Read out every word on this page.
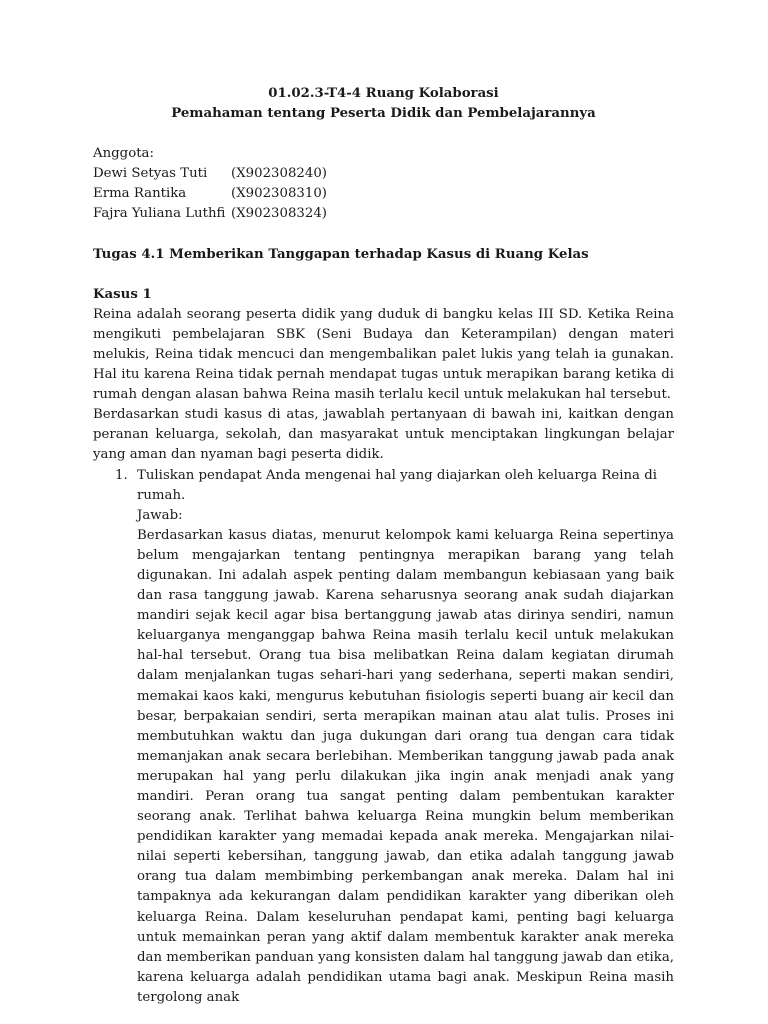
01.02.3-T4-4 Ruang Kolaborasi

Pemahaman tentang Peserta Didik dan Pembelajarannya

Anggota:

Dewi Setyas Tuti	(X902308240)
Erma Rantika	(X902308310)
Fajra Yuliana Luthfi (X902308324)

Tugas 4.1 Memberikan Tanggapan terhadap Kasus di Ruang Kelas

Kasus 1

Reina adalah seorang peserta didik yang duduk di bangku kelas III SD. Ketika Reina mengikuti pembelajaran SBK (Seni Budaya dan Keterampilan) dengan materi melukis, Reina tidak mencuci dan mengembalikan palet lukis yang telah ia gunakan. Hal itu karena Reina tidak pernah mendapat tugas untuk merapikan barang ketika di rumah dengan alasan bahwa Reina masih terlalu kecil untuk melakukan hal tersebut.

Berdasarkan studi kasus di atas, jawablah pertanyaan di bawah ini, kaitkan dengan peranan keluarga, sekolah, dan masyarakat untuk menciptakan lingkungan belajar yang aman dan nyaman bagi peserta didik.

1. Tuliskan pendapat Anda mengenai hal yang diajarkan oleh keluarga Reina di rumah.

Jawab:

Berdasarkan kasus diatas, menurut kelompok kami keluarga Reina sepertinya belum mengajarkan tentang pentingnya merapikan barang yang telah digunakan. Ini adalah aspek penting dalam membangun kebiasaan yang baik dan rasa tanggung jawab. Karena seharusnya seorang anak sudah diajarkan mandiri sejak kecil agar bisa bertanggung jawab atas dirinya sendiri, namun keluarganya menganggap bahwa Reina masih terlalu kecil untuk melakukan hal-hal tersebut. Orang tua bisa melibatkan Reina dalam kegiatan dirumah dalam menjalankan tugas sehari-hari yang sederhana, seperti makan sendiri, memakai kaos kaki, mengurus kebutuhan fisiologis seperti buang air kecil dan besar, berpakaian sendiri, serta merapikan mainan atau alat tulis. Proses ini membutuhkan waktu dan juga dukungan dari orang tua dengan cara tidak memanjakan anak secara berlebihan. Memberikan tanggung jawab pada anak merupakan hal yang perlu dilakukan jika ingin anak menjadi anak yang mandiri. Peran orang tua sangat penting dalam pembentukan karakter seorang anak. Terlihat bahwa keluarga Reina mungkin belum memberikan pendidikan karakter yang memadai kepada anak mereka. Mengajarkan nilai-nilai seperti kebersihan, tanggung jawab, dan etika adalah tanggung jawab orang tua dalam membimbing perkembangan anak mereka. Dalam hal ini tampaknya ada kekurangan dalam pendidikan karakter yang diberikan oleh keluarga Reina. Dalam keseluruhan pendapat kami, penting bagi keluarga untuk memainkan peran yang aktif dalam membentuk karakter anak mereka dan memberikan panduan yang konsisten dalam hal tanggung jawab dan etika, karena keluarga adalah pendidikan utama bagi anak. Meskipun Reina masih tergolong anak
